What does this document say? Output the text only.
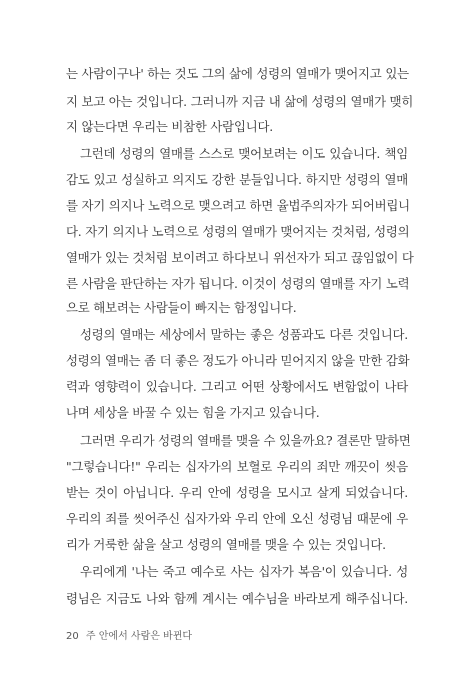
는 사람이구나' 하는 것도 그의 삶에 성령의 열매가 맺어지고 있는
지 보고 아는 것입니다. 그러니까 지금 내 삶에 성령의 열매가 맺히
지 않는다면 우리는 비참한 사람입니다.
그런데 성령의 열매를 스스로 맺어보려는 이도 있습니다. 책임
감도 있고 성실하고 의지도 강한 분들입니다. 하지만 성령의 열매
를 자기 의지나 노력으로 맺으려고 하면 율법주의자가 되어버립니
다. 자기 의지나 노력으로 성령의 열매가 맺어지는 것처럼, 성령의
열매가 있는 것처럼 보이려고 하다보니 위선자가 되고 끊임없이 다
른 사람을 판단하는 자가 됩니다. 이것이 성령의 열매를 자기 노력
으로 해보려는 사람들이 빠지는 함정입니다.
성령의 열매는 세상에서 말하는 좋은 성품과도 다른 것입니다.
성령의 열매는 좀 더 좋은 정도가 아니라 믿어지지 않을 만한 감화
력과 영향력이 있습니다. 그리고 어떤 상황에서도 변함없이 나타
나며 세상을 바꿀 수 있는 힘을 가지고 있습니다.
그러면 우리가 성령의 열매를 맺을 수 있을까요? 결론만 말하면
"그렇습니다!" 우리는 십자가의 보혈로 우리의 죄만 깨끗이 씻음
받는 것이 아닙니다. 우리 안에 성령을 모시고 살게 되었습니다.
우리의 죄를 씻어주신 십자가와 우리 안에 오신 성령님 때문에 우
리가 거룩한 삶을 살고 성령의 열매를 맺을 수 있는 것입니다.
우리에게 '나는 죽고 예수로 사는 십자가 복음'이 있습니다. 성
령님은 지금도 나와 함께 계시는 예수님을 바라보게 해주십니다.
20 주 안에서 사람은 바뀐다
